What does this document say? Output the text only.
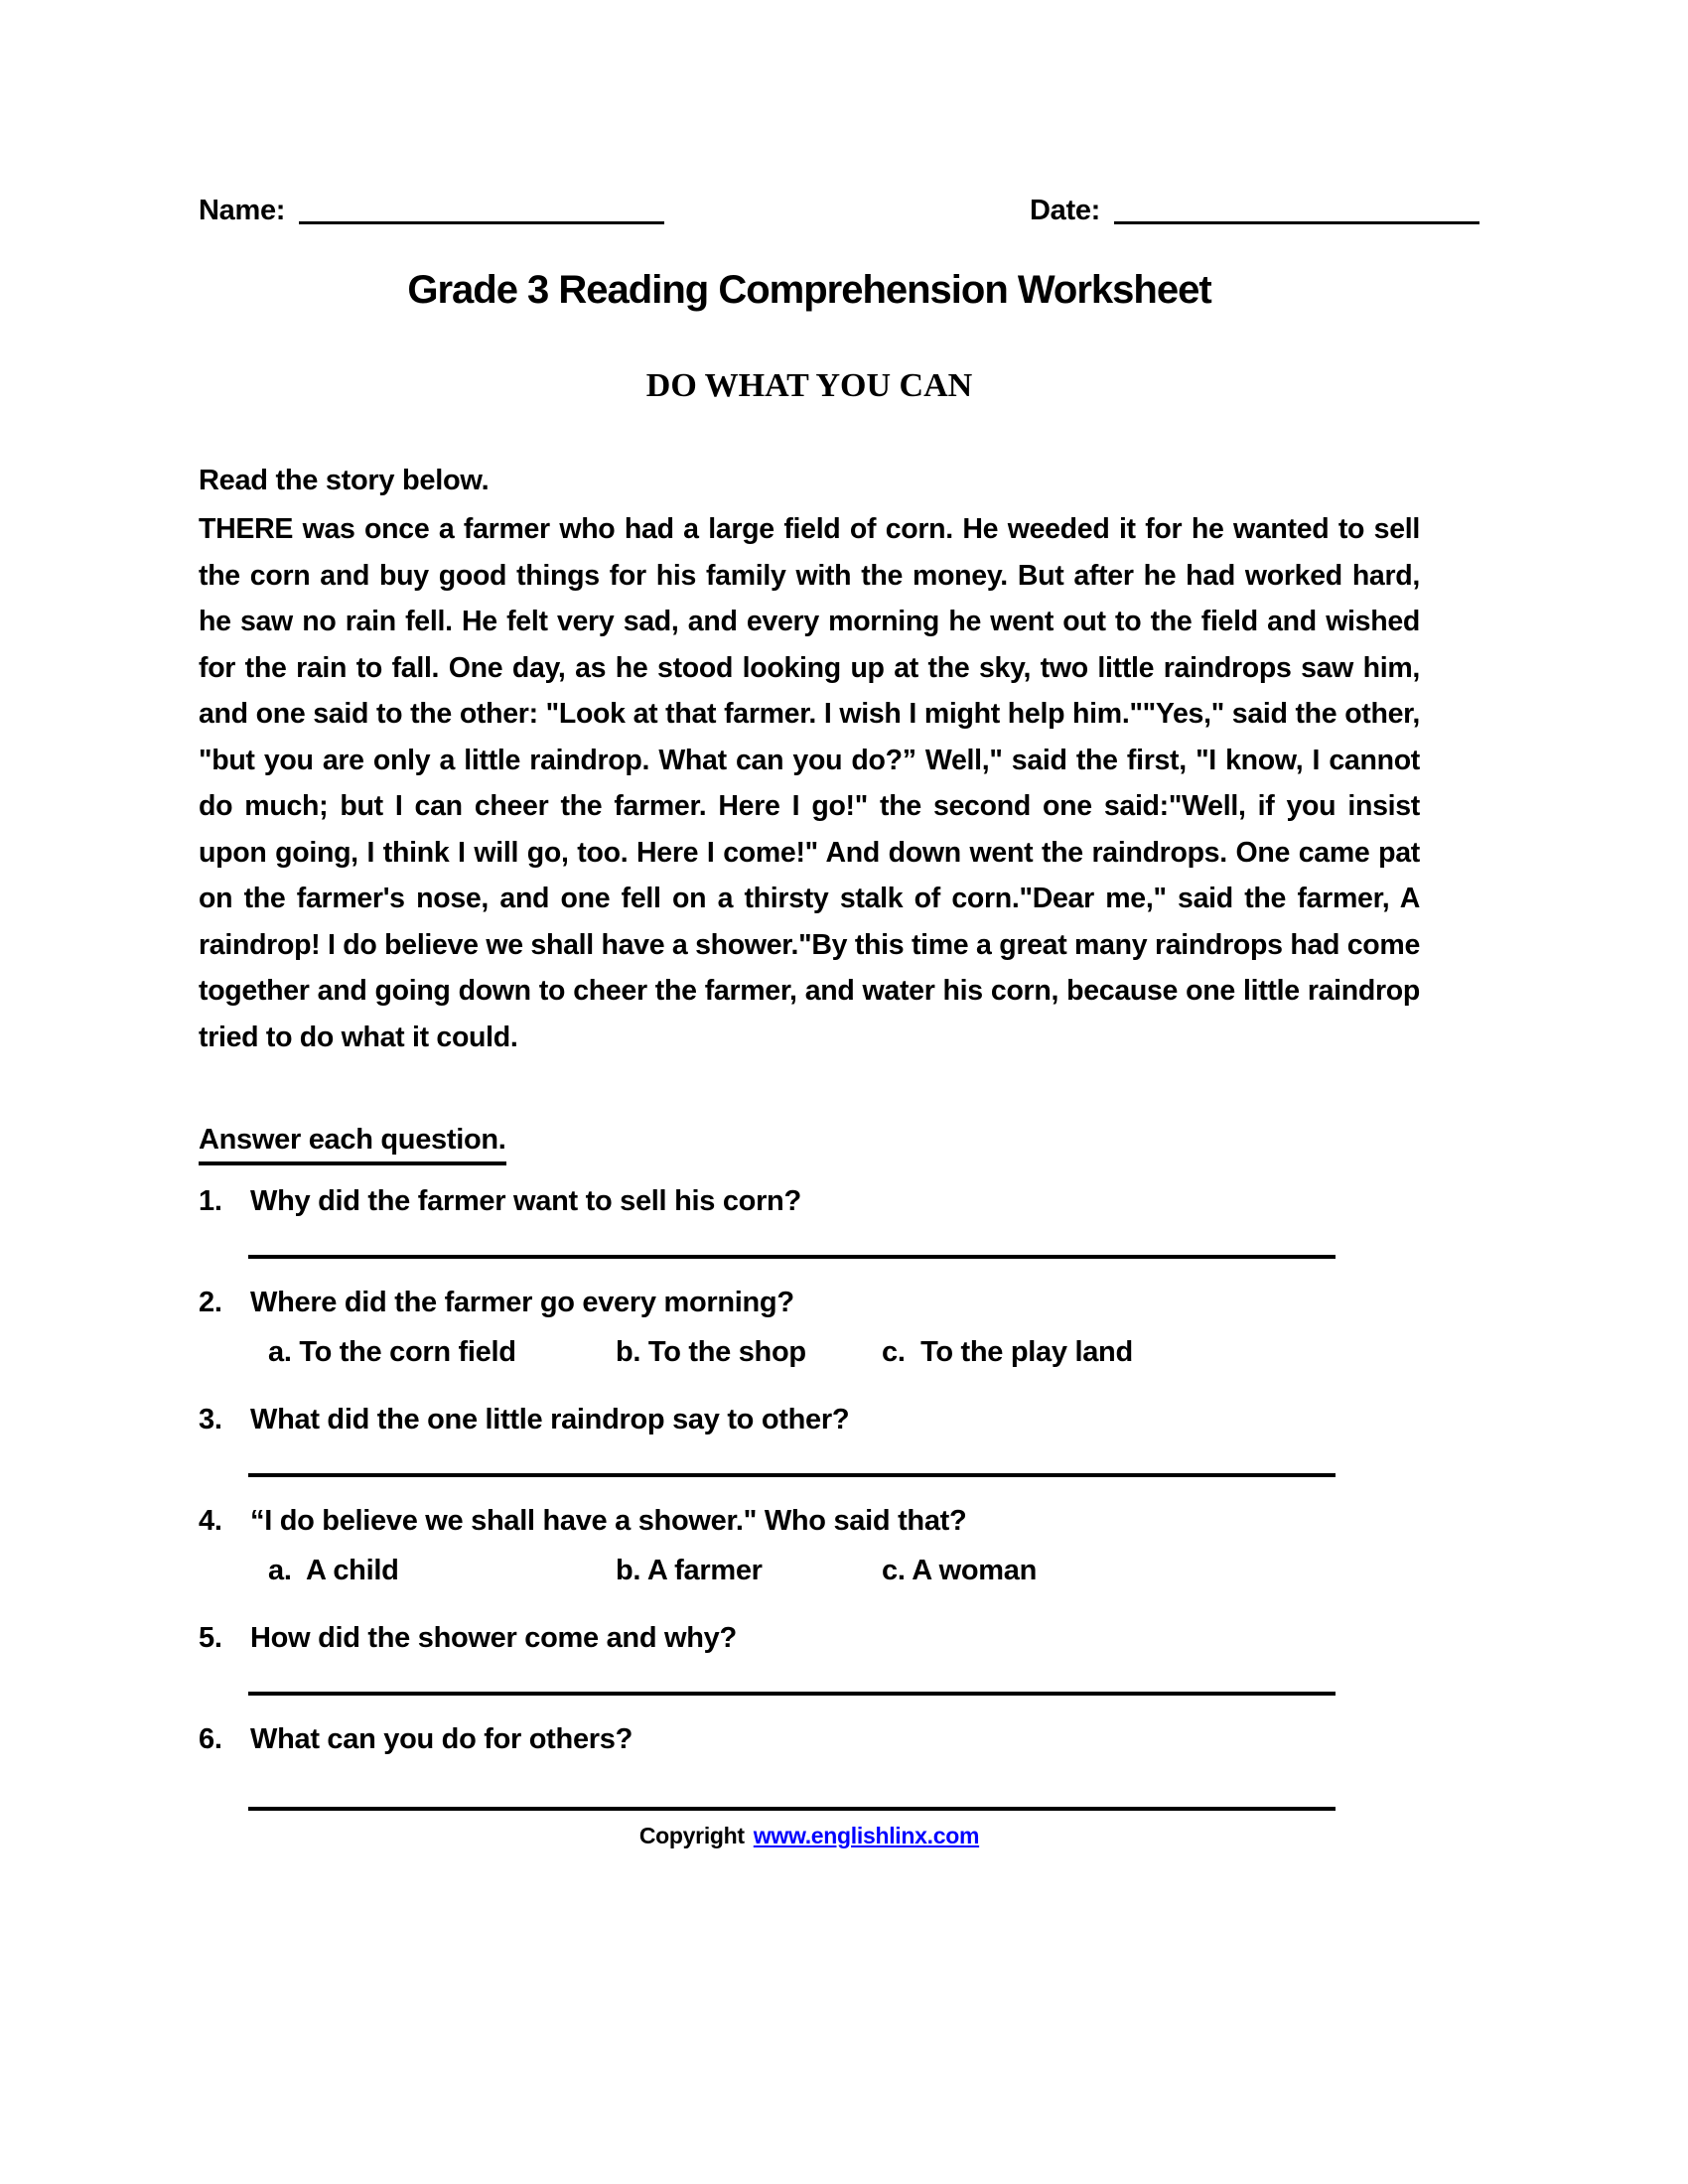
Name:	Date:
Grade 3 Reading Comprehension Worksheet
DO WHAT YOU CAN
Read the story below.
THERE was once a farmer who had a large field of corn. He weeded it for he wanted to sell the corn and buy good things for his family with the money. But after he had worked hard, he saw no rain fell. He felt very sad, and every morning he went out to the field and wished for the rain to fall. One day, as he stood looking up at the sky, two little raindrops saw him, and one said to the other: "Look at that farmer. I wish I might help him.""Yes," said the other, "but you are only a little raindrop. What can you do?” Well," said the first, "I know, I cannot do much; but I can cheer the farmer. Here I go!" the second one said:"Well, if you insist upon going, I think I will go, too. Here I come!" And down went the raindrops. One came pat on the farmer's nose, and one fell on a thirsty stalk of corn."Dear me," said the farmer, A raindrop! I do believe we shall have a shower."By this time a great many raindrops had come together and going down to cheer the farmer, and water his corn, because one little raindrop tried to do what it could.
Answer each question.
1. Why did the farmer want to sell his corn?
2. Where did the farmer go every morning?
a. To the corn field	b. To the shop	c.  To the play land
3. What did the one little raindrop say to other?
4. “I do believe we shall have a shower." Who said that?
a.  A child	b. A farmer	c. A woman
5. How did the shower come and why?
6. What can you do for others?
Copyright www.englishlinx.com
